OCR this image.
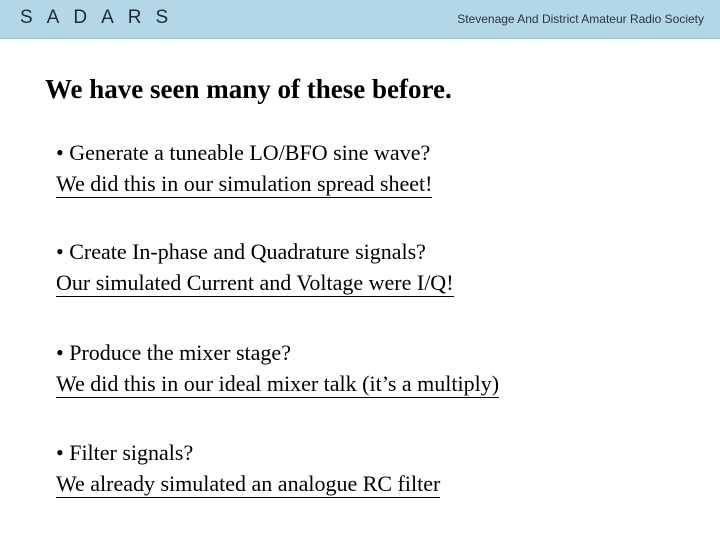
SADARS	Stevenage And District Amateur Radio Society
We have seen many of these before.
• Generate a tuneable LO/BFO sine wave?
We did this in our simulation spread sheet!
• Create In-phase and Quadrature signals?
Our simulated Current and Voltage were I/Q!
• Produce the mixer stage?
We did this in our ideal mixer talk (it’s a multiply)
• Filter signals?
We already simulated an analogue RC filter
